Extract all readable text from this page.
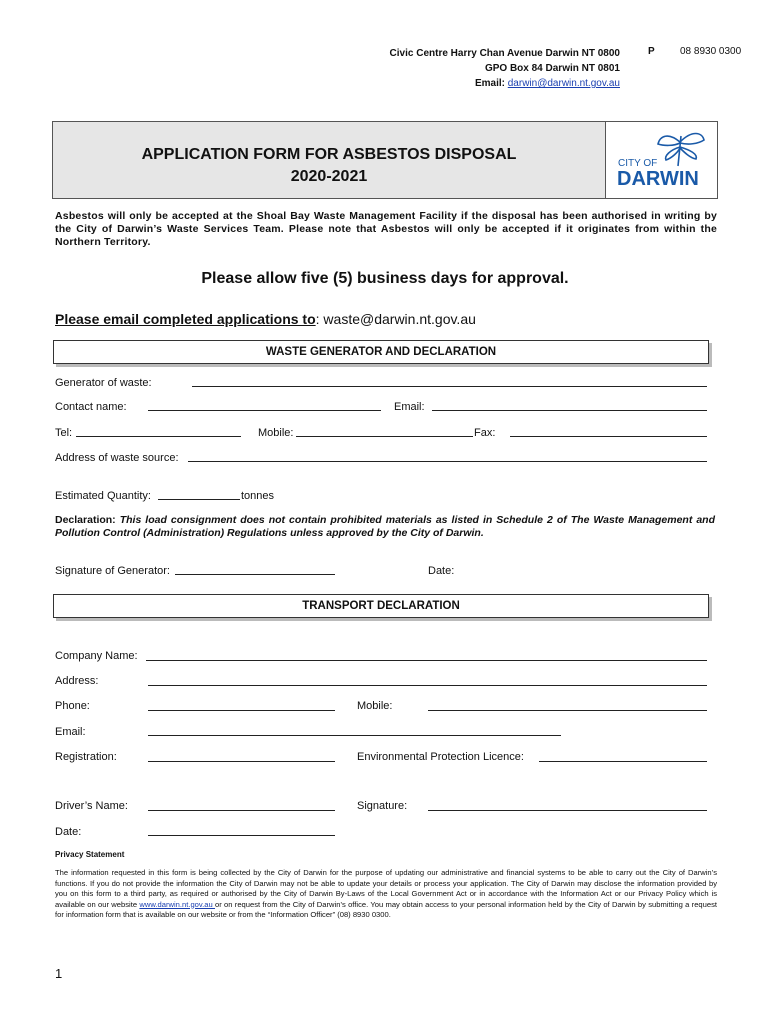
Civic Centre Harry Chan Avenue Darwin NT 0800
GPO Box 84 Darwin NT 0801
Email: darwin@darwin.nt.gov.au
P	08 8930 0300
APPLICATION FORM FOR ASBESTOS DISPOSAL
2020-2021
CITY OF
DARWIN
Asbestos will only be accepted at the Shoal Bay Waste Management Facility if the disposal has been authorised in writing by the City of Darwin’s Waste Services Team. Please note that Asbestos will only be accepted if it originates from within the Northern Territory.
Please allow five (5) business days for approval.
Please email completed applications to: waste@darwin.nt.gov.au
WASTE GENERATOR AND DECLARATION
Generator of waste:
Contact name:	Email:
Tel:	Mobile:	Fax:
Address of waste source:
Estimated Quantity:	tonnes
Declaration: This load consignment does not contain prohibited materials as listed in Schedule 2 of The Waste Management and Pollution Control (Administration) Regulations unless approved by the City of Darwin.
Signature of Generator:	Date:
TRANSPORT DECLARATION
Company Name:
Address:
Phone:	Mobile:
Email:
Registration:	Environmental Protection Licence:
Driver’s Name:	Signature:
Date:
Privacy Statement
The information requested in this form is being collected by the City of Darwin for the purpose of updating our administrative and financial systems to be able to carry out the City of Darwin’s functions. If you do not provide the information the City of Darwin may not be able to update your details or process your application. The City of Darwin may disclose the information provided by you on this form to a third party, as required or authorised by the City of Darwin By-Laws of the Local Government Act or in accordance with the Information Act or our Privacy Policy which is available on our website www.darwin.nt.gov.au or on request from the City of Darwin’s office. You may obtain access to your personal information held by the City of Darwin by submitting a request for information form that is available on our website or from the “Information Officer” (08) 8930 0300.
1
